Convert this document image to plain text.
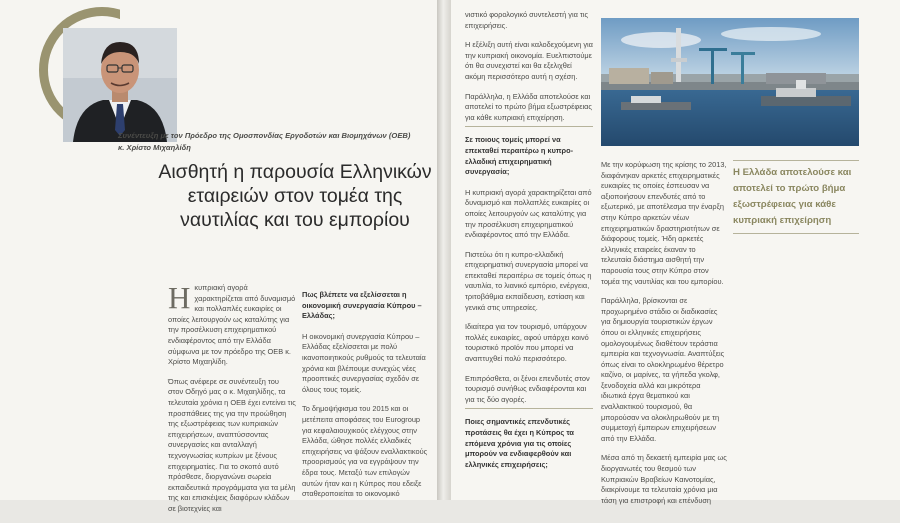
Συνέντευξη με τον Πρόεδρο της Ομοσπονδίας Εργοδοτών και Βιομηχάνων (ΟΕΒ) κ. Χρίστο Μιχαηλίδη
Αισθητή η παρουσία Ελληνικών εταιρειών στον τομέα της ναυτιλίας και του εμπορίου
Η κυπριακή αγορά χαρακτηρίζεται από δυναμισμό και πολλαπλές ευκαιρίες οι οποίες λειτουργούν ως καταλύτης για την προσέλκυση επιχειρηματικού ενδιαφέροντος από την Ελλάδα σύμφωνα με τον πρόεδρο της ΟΕΒ κ. Χρίστο Μιχαηλίδη.

Όπως ανέφερε σε συνέντευξη του στον Οδηγό μας ο κ. Μιχαηλίδης, τα τελευταία χρόνια η ΟΕΒ έχει εντείνει τις προσπάθειες της για την προώθηση της εξωστρέφειας των κυπριακών επιχειρήσεων, αναπτύσσοντας συνεργασίες και ανταλλαγή τεχνογνωσίας κυπρίων με ξένους επιχειρηματίες. Για το σκοπό αυτό πρόσθεσε, διοργανώνει σωρεία εκπαιδευτικά προγράμματα για τα μέλη της και επισκέψεις διαφόρων κλάδων σε βιοτεχνίες και

Πως βλέπετε να εξελίσσεται η οικονομική συνεργασία Κύπρου – Ελλάδας;

Η οικονομική συνεργασία Κύπρου – Ελλάδας εξελίσσεται με πολύ ικανοποιητικούς ρυθμούς τα τελευταία χρόνια και βλέπουμε συνεχώς νέες προοπτικές συνεργασίας σχεδόν σε όλους τους τομείς.

Το δημοψήφισμα του 2015 και οι μετέπειτα αποφάσεις του Eurogroup για κεφαλαιουχικούς ελέγχους στην Ελλάδα, ώθησε πολλές ελλαδικές επιχειρήσεις να ψάξουν εναλλακτικούς προορισμούς για να εγγράψουν την έδρα τους. Μεταξύ των επιλογών αυτών ήταν και η Κύπρος που εδειξε σταθεροποιείται το οικονομικό

νιστικό φορολογικό συντελεστή για τις επιχειρήσεις.

Η εξέλιξη αυτή είναι καλοδεχούμενη για την κυπριακή οικονομία. Ευελπιστούμε ότι θα συνεχιστεί και θα εξελιχθεί ακόμη περισσότερο αυτή η σχέση.

Παράλληλα, η Ελλάδα αποτελούσε και αποτελεί το πρώτο βήμα εξωστρέφειας για κάθε κυπριακή επιχείρηση.

Σε ποιους τομείς μπορεί να επεκταθεί περαιτέρω η κυπρο-ελλαδική επιχειρηματική συνεργασία;

Η κυπριακή αγορά χαρακτηρίζεται από δυναμισμό και πολλαπλές ευκαιρίες οι οποίες λειτουργούν ως καταλύτης για την προσέλκυση επιχειρηματικού ενδιαφέροντος από την Ελλάδα.

Πιστεύω ότι η κυπρο-ελλαδική επιχειρηματική συνεργασία μπορεί να επεκταθεί περαιτέρω σε τομείς όπως η ναυτιλία, το λιανικό εμπόριο, ενέργεια, τριτοβάθμια εκπαίδευση, εστίαση και γενικά στις υπηρεσίες.

Ιδιαίτερα για τον τουρισμό, υπάρχουν πολλές ευκαιρίες, αφού υπάρχει κοινό τουριστικό προϊόν που μπορεί να αναπτυχθεί πολύ περισσότερο.

Επιπρόσθετα, οι ξένοι επενδυτές στον τουρισμό συνήθως ενδιαφέρονται και για τις δύο αγορές.

Ποιες σημαντικές επενδυτικές προτάσεις θα έχει η Κύπρος τα επόμενα χρόνια για τις οποίες μπορούν να ενδιαφερθούν και ελληνικές επιχειρήσεις;

Με την κορύφωση της κρίσης το 2013, διαφάνηκαν αρκετές επιχειρηματικές ευκαιρίες τις οποίες έσπευσαν να αξιοποιήσουν επενδυτές από το εξωτερικό, με αποτέλεσμα την έναρξη στην Κύπρο αρκετών νέων επιχειρηματικών δραστηριοτήτων σε διάφορους τομείς. Ήδη αρκετές ελληνικές εταιρείες έκαναν το τελευταία διάστημα αισθητή την παρουσία τους στην Κύπρο στον τομέα της ναυτιλίας και του εμπορίου.

Παράλληλα, βρίσκονται σε προχωρημένο στάδιο οι διαδικασίες για δημιουργία τουριστικών έργων όπου οι ελληνικές επιχειρήσεις ομολογουμένως διαθέτουν τεράστια εμπειρία και τεχνογνωσία. Αναπτύξεις όπως είναι το ολοκληρωμένο θέρετρο καζίνο, οι μαρίνες, τα γήπεδα γκολφ, ξενοδοχεία αλλά και μικρότερα ιδιωτικά έργα θεματικού και εναλλακτικού τουρισμού, θα μπορούσαν να ολοκληρωθούν με τη συμμετοχή έμπειρων επιχειρήσεων από την Ελλάδα.

Μέσα από τη δεκαετή εμπειρία μας ως διοργανωτές του θεσμού των Κυπριακών Βραβείων Καινοτομίας, διακρίνουμε τα τελευταία χρόνια μια τάση για επιστροφή και επένδυση

Η Ελλάδα αποτελούσε και αποτελεί το πρώτο βήμα εξωστρέφειας για κάθε κυπριακή επιχείρηση
